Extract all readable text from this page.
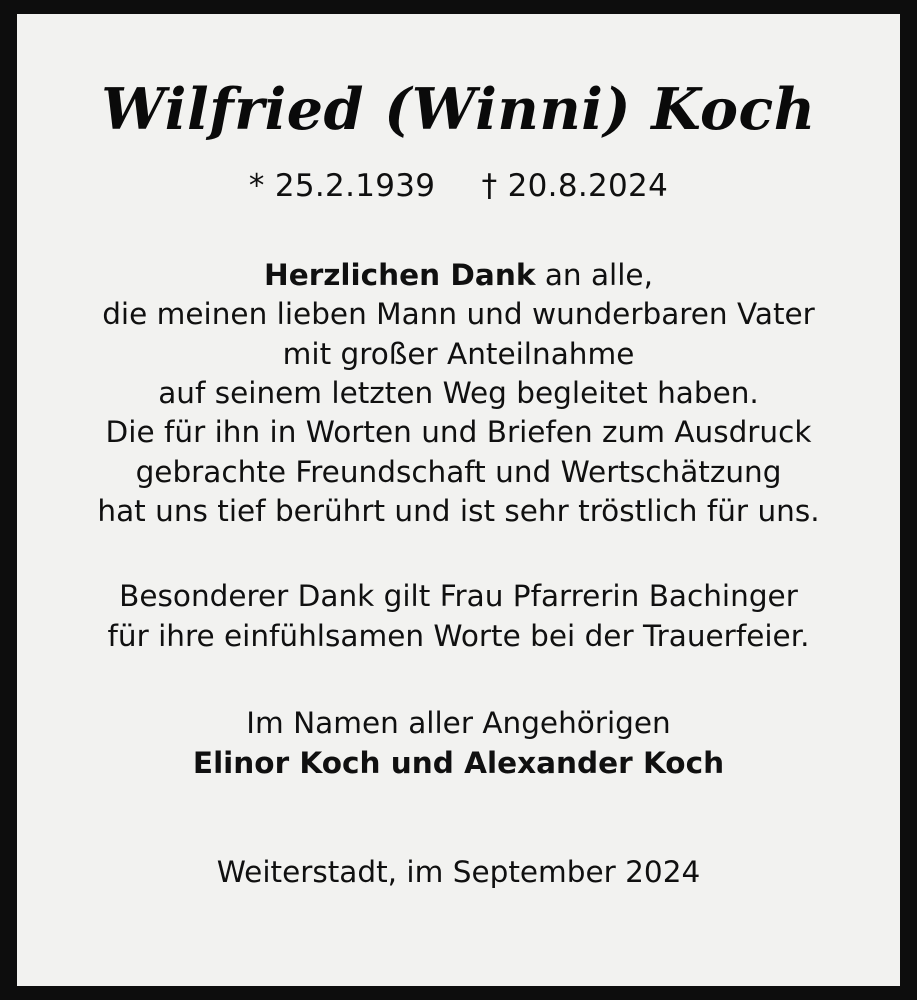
Wilfried (Winni) Koch
* 25.2.1939 † 20.8.2024
Herzlichen Dank an alle,
die meinen lieben Mann und wunderbaren Vater
mit großer Anteilnahme
auf seinem letzten Weg begleitet haben.
Die für ihn in Worten und Briefen zum Ausdruck
gebrachte Freundschaft und Wertschätzung
hat uns tief berührt und ist sehr tröstlich für uns.
Besonderer Dank gilt Frau Pfarrerin Bachinger
für ihre einfühlsamen Worte bei der Trauerfeier.
Im Namen aller Angehörigen
Elinor Koch und Alexander Koch
Weiterstadt, im September 2024
